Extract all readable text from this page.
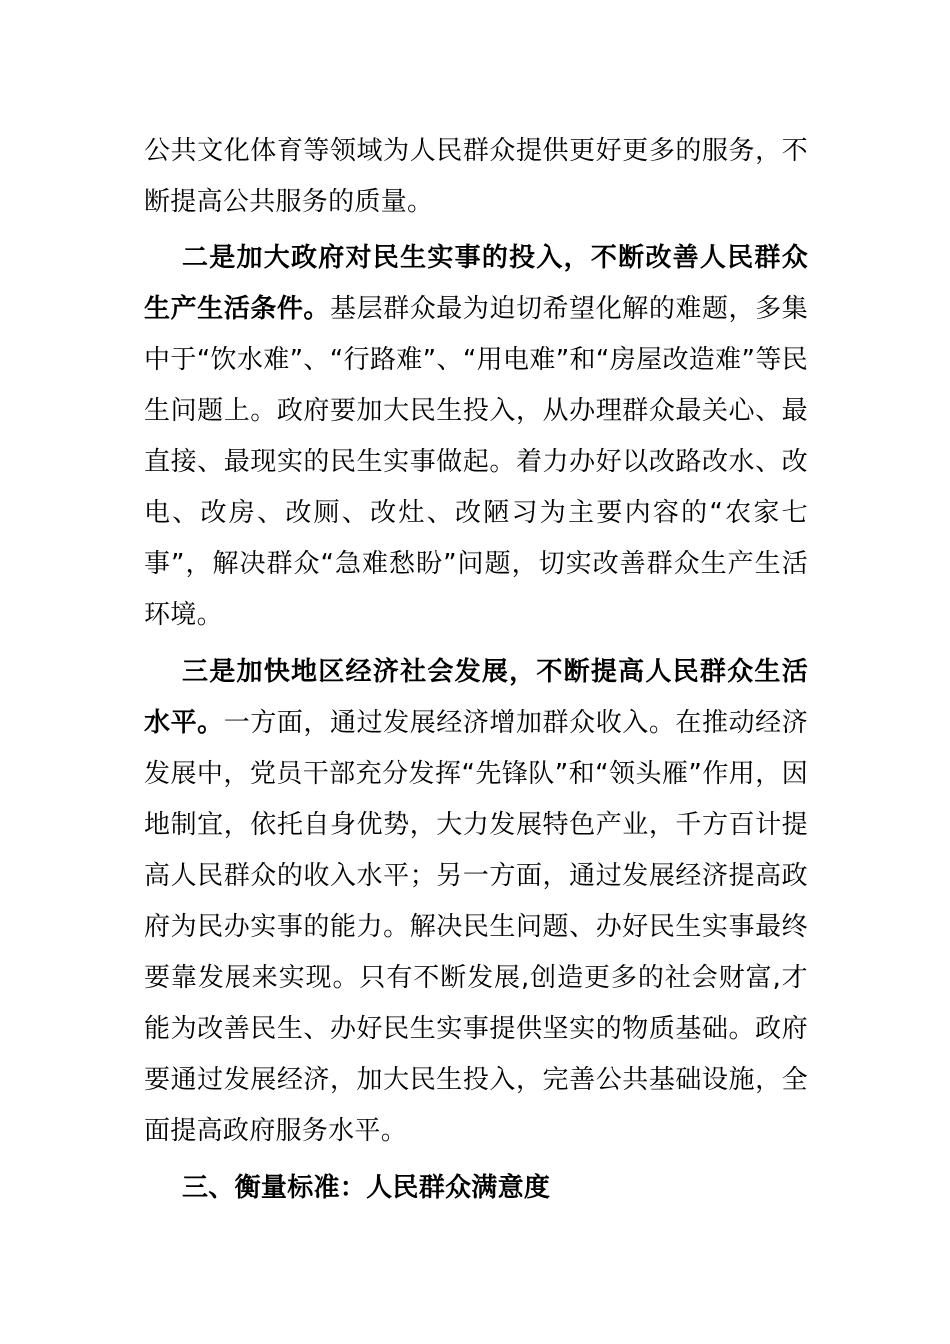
公共文化体育等领域为人民群众提供更好更多的服务，不断提高公共服务的质量。

二是加大政府对民生实事的投入，不断改善人民群众生产生活条件。基层群众最为迫切希望化解的难题，多集中于“饮水难”、“行路难”、“用电难”和“房屋改造难”等民生问题上。政府要加大民生投入，从办理群众最关心、最直接、最现实的民生实事做起。着力办好以改路改水、改电、改房、改厕、改灶、改陋习为主要内容的“农家七事”，解决群众“急难愁盼”问题，切实改善群众生产生活环境。

三是加快地区经济社会发展，不断提高人民群众生活水平。一方面，通过发展经济增加群众收入。在推动经济发展中，党员干部充分发挥“先锋队”和“领头雁”作用，因地制宜，依托自身优势，大力发展特色产业，千方百计提高人民群众的收入水平；另一方面，通过发展经济提高政府为民办实事的能力。解决民生问题、办好民生实事最终要靠发展来实现。只有不断发展,创造更多的社会财富,才能为改善民生、办好民生实事提供坚实的物质基础。政府要通过发展经济，加大民生投入，完善公共基础设施，全面提高政府服务水平。

三、衡量标准：人民群众满意度
